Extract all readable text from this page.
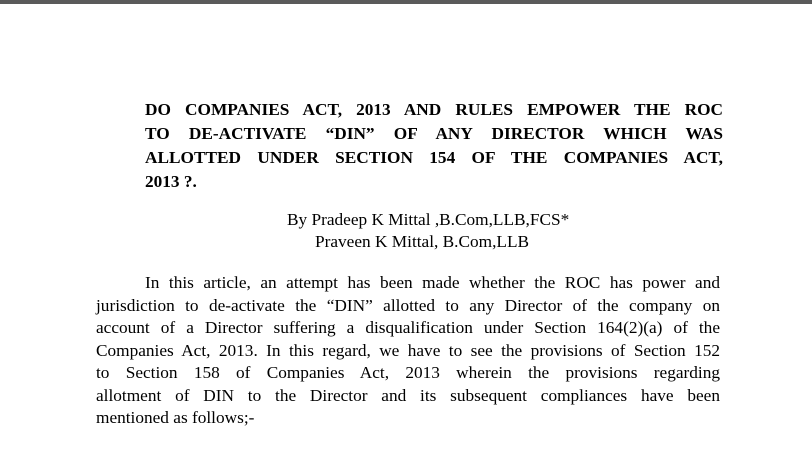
DO COMPANIES ACT, 2013 AND RULES EMPOWER THE ROC
TO DE-ACTIVATE “DIN” OF ANY DIRECTOR WHICH WAS
ALLOTTED UNDER SECTION 154 OF THE COMPANIES ACT,
2013 ?.
By Pradeep K Mittal ,B.Com,LLB,FCS*
Praveen K Mittal, B.Com,LLB

In this article, an attempt has been made whether the ROC has power and
jurisdiction to de-activate the “DIN” allotted to any Director of the company on
account of a Director suffering a disqualification under Section 164(2)(a) of the
Companies Act, 2013. In this regard, we have to see the provisions of Section 152
to Section 158 of Companies Act, 2013 wherein the provisions regarding
allotment of DIN to the Director and its subsequent compliances have been
mentioned as follows;-
